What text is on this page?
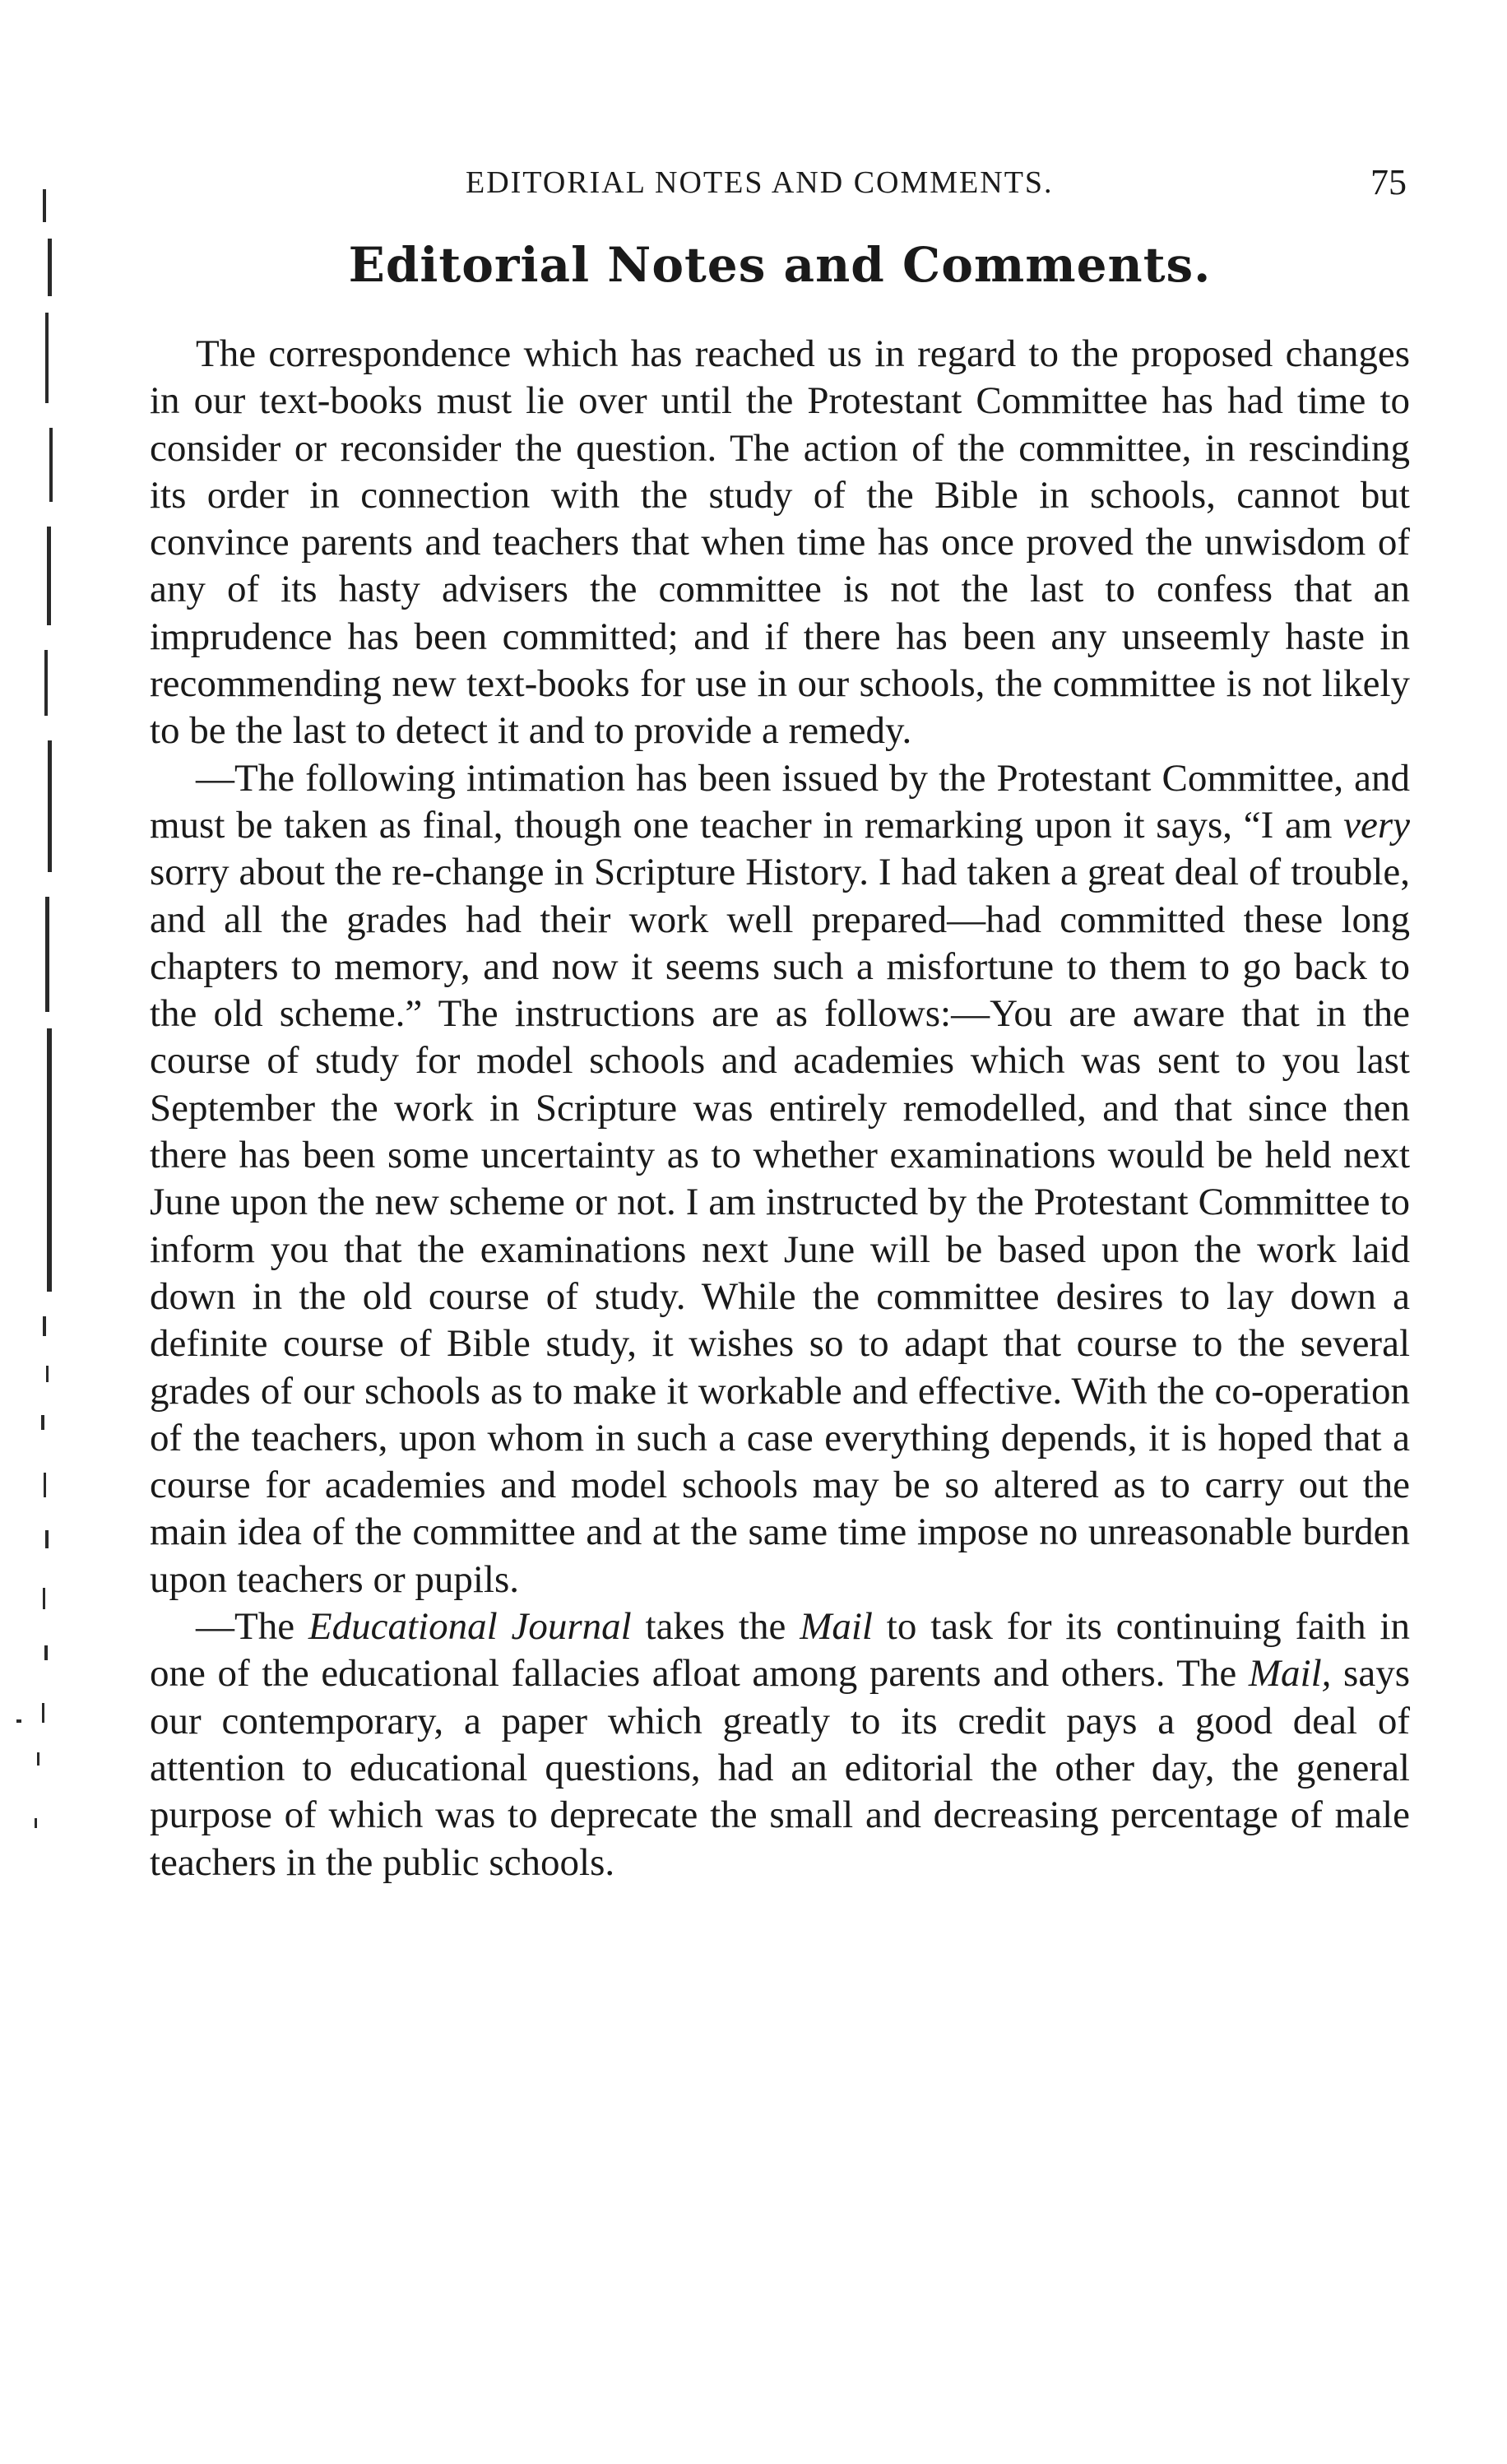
EDITORIAL NOTES AND COMMENTS.	75
Editorial Notes and Comments.

The correspondence which has reached us in regard to the proposed changes in our text-books must lie over until the Protestant Committee has had time to consider or reconsider the question. The action of the committee, in rescinding its order in connection with the study of the Bible in schools, cannot but convince parents and teachers that when time has once proved the unwisdom of any of its hasty advisers the committee is not the last to confess that an imprudence has been committed; and if there has been any unseemly haste in recommending new text-books for use in our schools, the committee is not likely to be the last to detect it and to provide a remedy.

—The following intimation has been issued by the Protestant Committee, and must be taken as final, though one teacher in remarking upon it says, “I am very sorry about the re-change in Scripture History. I had taken a great deal of trouble, and all the grades had their work well prepared—had committed these long chapters to memory, and now it seems such a misfortune to them to go back to the old scheme.” The instructions are as follows:—You are aware that in the course of study for model schools and academies which was sent to you last September the work in Scripture was entirely remodelled, and that since then there has been some uncertainty as to whether examinations would be held next June upon the new scheme or not. I am instructed by the Protestant Committee to inform you that the examinations next June will be based upon the work laid down in the old course of study. While the committee desires to lay down a definite course of Bible study, it wishes so to adapt that course to the several grades of our schools as to make it workable and effective. With the co-operation of the teachers, upon whom in such a case everything depends, it is hoped that a course for academies and model schools may be so altered as to carry out the main idea of the committee and at the same time impose no unreasonable burden upon teachers or pupils.

—The Educational Journal takes the Mail to task for its continuing faith in one of the educational fallacies afloat among parents and others. The Mail, says our contemporary, a paper which greatly to its credit pays a good deal of attention to educational questions, had an editorial the other day, the general purpose of which was to deprecate the small and decreasing percentage of male teachers in the public schools.
